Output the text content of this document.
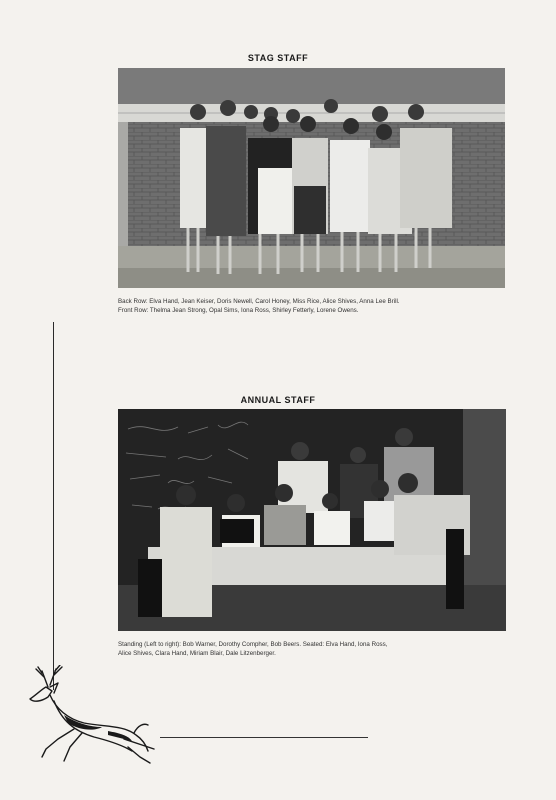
STAG STAFF
Back Row: Elva Hand, Jean Keiser, Doris Newell, Carol Honey, Miss Rice, Alice Shives, Anna Lee Brill.
Front Row: Thelma Jean Strong, Opal Sims, Iona Ross, Shirley Fetterly, Lorene Owens.
ANNUAL STAFF
Standing (Left to right): Bob Warner, Dorothy Compher, Bob Beers. Seated: Elva Hand, Iona Ross,
Alice Shives, Clara Hand, Miriam Blair, Dale Litzenberger.
